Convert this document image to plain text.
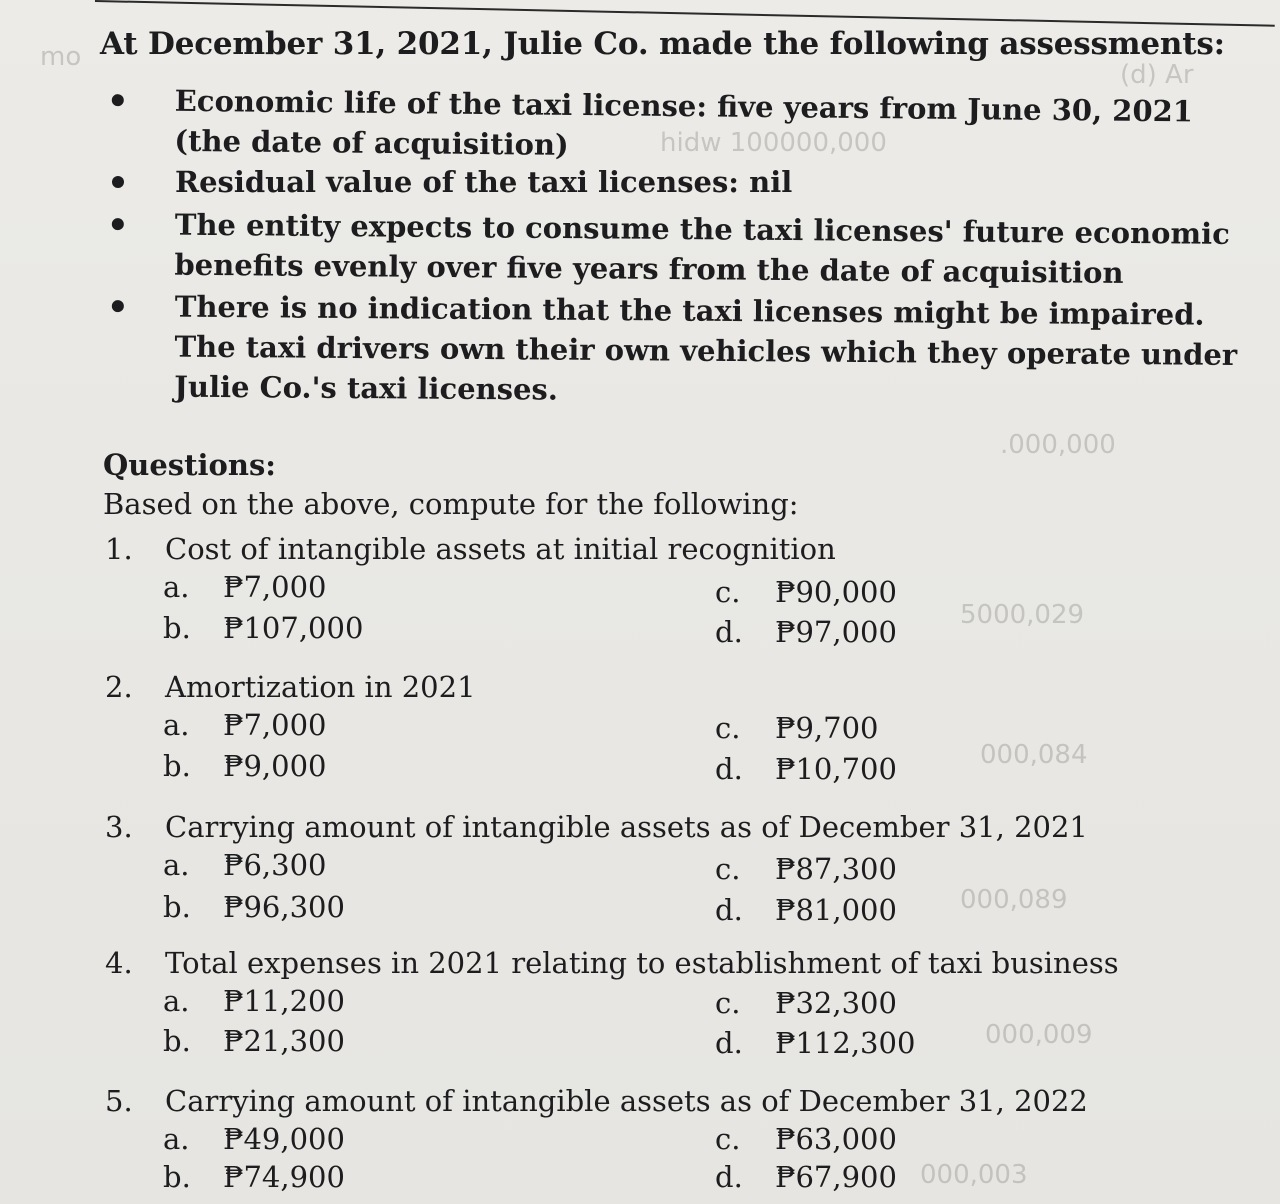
mo
(d) Ar
hidw 100000,000
.000,000
5000,029
000,084
000,089
000,009
000,003
At December 31, 2021, Julie Co. made the following assessments:
Economic life of the taxi license: five years from June 30, 2021 (the date of acquisition)
Residual value of the taxi licenses: nil
The entity expects to consume the taxi licenses' future economic benefits evenly over five years from the date of acquisition
There is no indication that the taxi licenses might be impaired. The taxi drivers own their own vehicles which they operate under Julie Co.'s taxi licenses.
Questions:
Based on the above, compute for the following:
1. Cost of intangible assets at initial recognition
a. ₱7,000
b. ₱107,000
c. ₱90,000
d. ₱97,000
2. Amortization in 2021
a. ₱7,000
b. ₱9,000
c. ₱9,700
d. ₱10,700
3. Carrying amount of intangible assets as of December 31, 2021
a. ₱6,300
b. ₱96,300
c. ₱87,300
d. ₱81,000
4. Total expenses in 2021 relating to establishment of taxi business
a. ₱11,200
b. ₱21,300
c. ₱32,300
d. ₱112,300
5. Carrying amount of intangible assets as of December 31, 2022
a. ₱49,000
b. ₱74,900
c. ₱63,000
d. ₱67,900
